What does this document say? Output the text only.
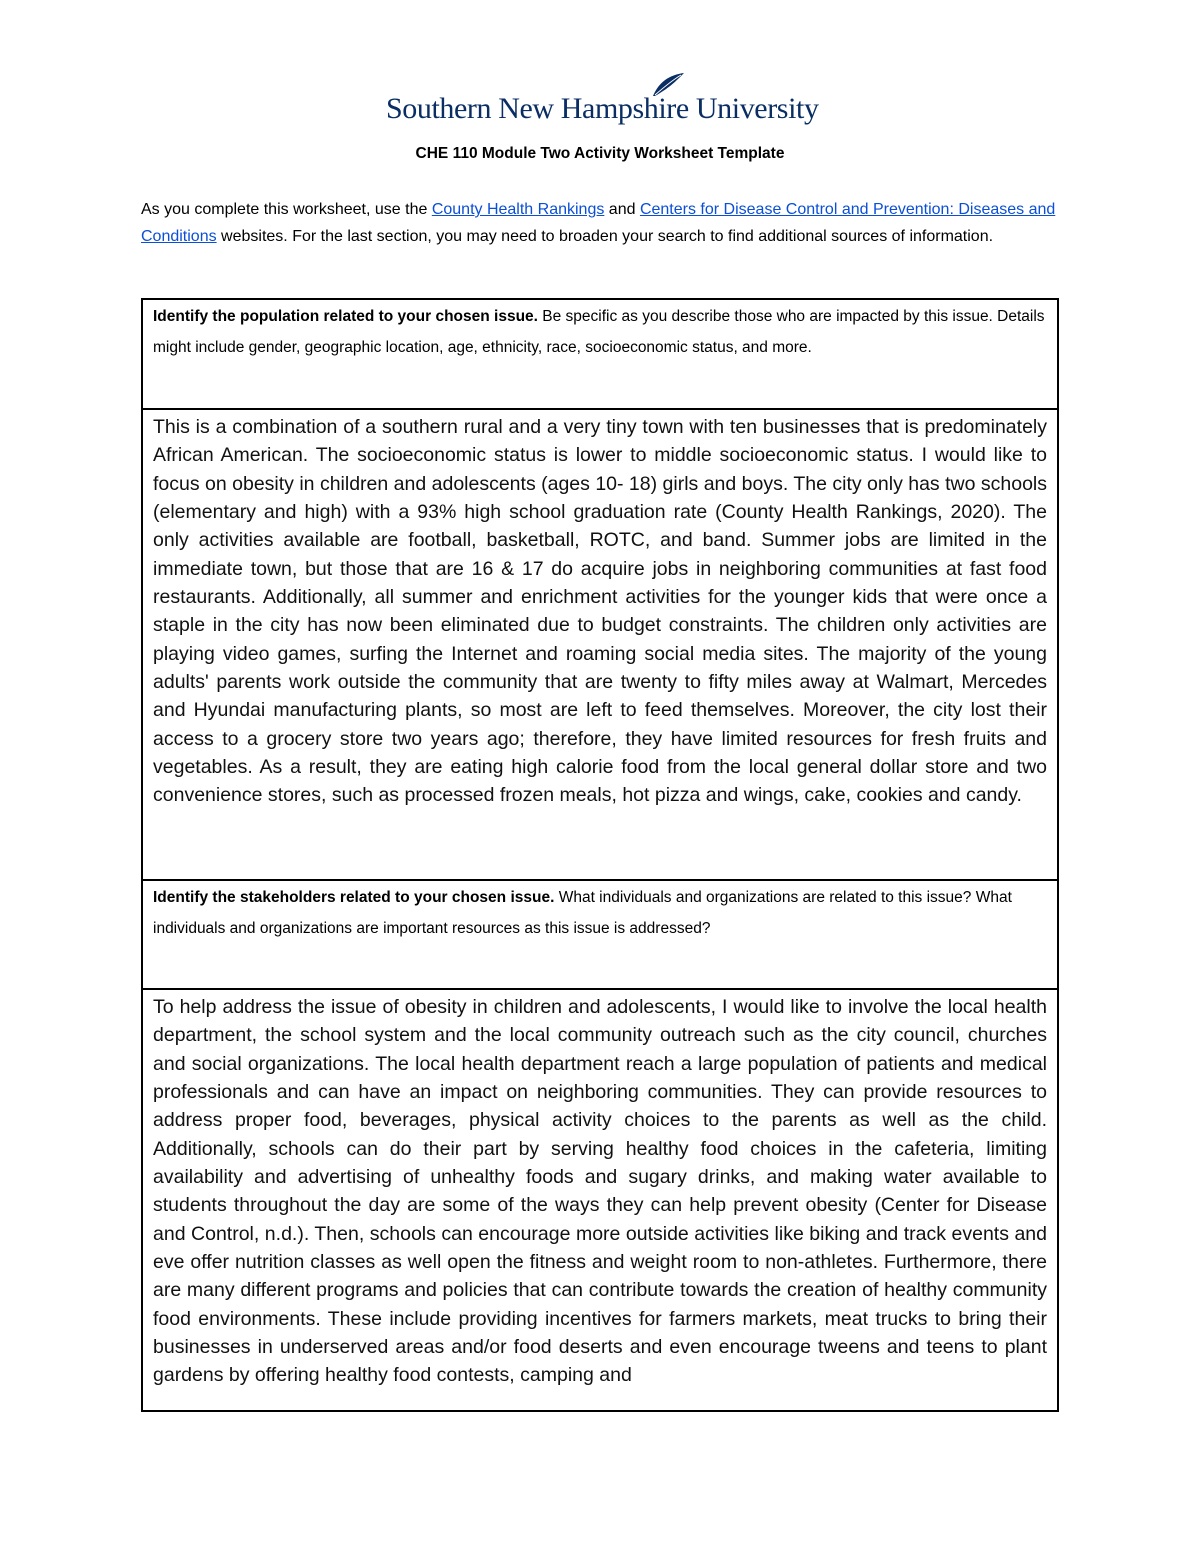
Southern New Hampshire University
CHE 110 Module Two Activity Worksheet Template
As you complete this worksheet, use the County Health Rankings and Centers for Disease Control and Prevention: Diseases and Conditions websites. For the last section, you may need to broaden your search to find additional sources of information.
Identify the population related to your chosen issue. Be specific as you describe those who are impacted by this issue. Details might include gender, geographic location, age, ethnicity, race, socioeconomic status, and more.
This is a combination of a southern rural and a very tiny town with ten businesses that is predominately African American. The socioeconomic status is lower to middle socioeconomic status. I would like to focus on obesity in children and adolescents (ages 10- 18) girls and boys. The city only has two schools (elementary and high) with a 93% high school graduation rate (County Health Rankings, 2020). The only activities available are football, basketball, ROTC, and band. Summer jobs are limited in the immediate town, but those that are 16 & 17 do acquire jobs in neighboring communities at fast food restaurants. Additionally, all summer and enrichment activities for the younger kids that were once a staple in the city has now been eliminated due to budget constraints. The children only activities are playing video games, surfing the Internet and roaming social media sites. The majority of the young adults' parents work outside the community that are twenty to fifty miles away at Walmart, Mercedes and Hyundai manufacturing plants, so most are left to feed themselves. Moreover, the city lost their access to a grocery store two years ago; therefore, they have limited resources for fresh fruits and vegetables. As a result, they are eating high calorie food from the local general dollar store and two convenience stores, such as processed frozen meals, hot pizza and wings, cake, cookies and candy.
Identify the stakeholders related to your chosen issue. What individuals and organizations are related to this issue? What individuals and organizations are important resources as this issue is addressed?
To help address the issue of obesity in children and adolescents, I would like to involve the local health department, the school system and the local community outreach such as the city council, churches and social organizations. The local health department reach a large population of patients and medical professionals and can have an impact on neighboring communities. They can provide resources to address proper food, beverages, physical activity choices to the parents as well as the child. Additionally, schools can do their part by serving healthy food choices in the cafeteria, limiting availability and advertising of unhealthy foods and sugary drinks, and making water available to students throughout the day are some of the ways they can help prevent obesity (Center for Disease and Control, n.d.). Then, schools can encourage more outside activities like biking and track events and eve offer nutrition classes as well open the fitness and weight room to non-athletes. Furthermore, there are many different programs and policies that can contribute towards the creation of healthy community food environments. These include providing incentives for farmers markets, meat trucks to bring their businesses in underserved areas and/or food deserts and even encourage tweens and teens to plant gardens by offering healthy food contests, camping and
